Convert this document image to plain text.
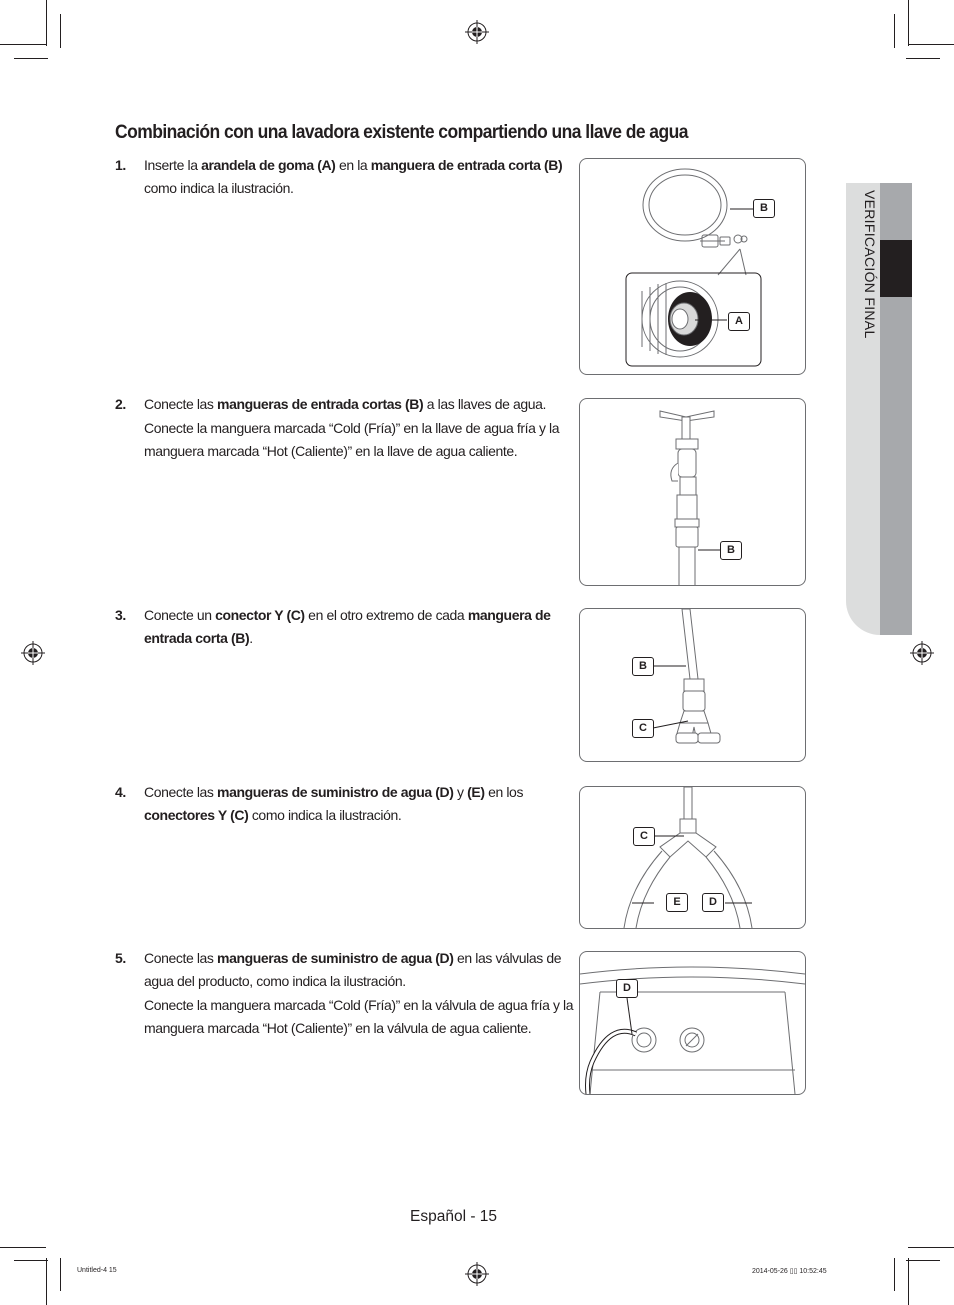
VERIFICACIÓN FINAL
Combinación con una lavadora existente compartiendo una llave de agua
1. Inserte la arandela de goma (A) en la manguera de entrada corta (B) como indica la ilustración.

2. Conecte las mangueras de entrada cortas (B) a las llaves de agua.

Conecte la manguera marcada “Cold (Fría)” en la llave de agua fría y la manguera marcada “Hot (Caliente)” en la llave de agua caliente.

3. Conecte un conector Y (C) en el otro extremo de cada manguera de entrada corta (B).

4. Conecte las mangueras de suministro de agua (D) y (E) en los conectores Y (C) como indica la ilustración.

5. Conecte las mangueras de suministro de agua (D) en las válvulas de agua del producto, como indica la ilustración.

Conecte la manguera marcada “Cold (Fría)” en la válvula de agua fría y la manguera marcada “Hot (Caliente)” en la válvula de agua caliente.

B
A
B
B
C
C
E	D
D
Español - 15
Untitled-4 15	2014-05-26 ▯▯ 10:52:45
